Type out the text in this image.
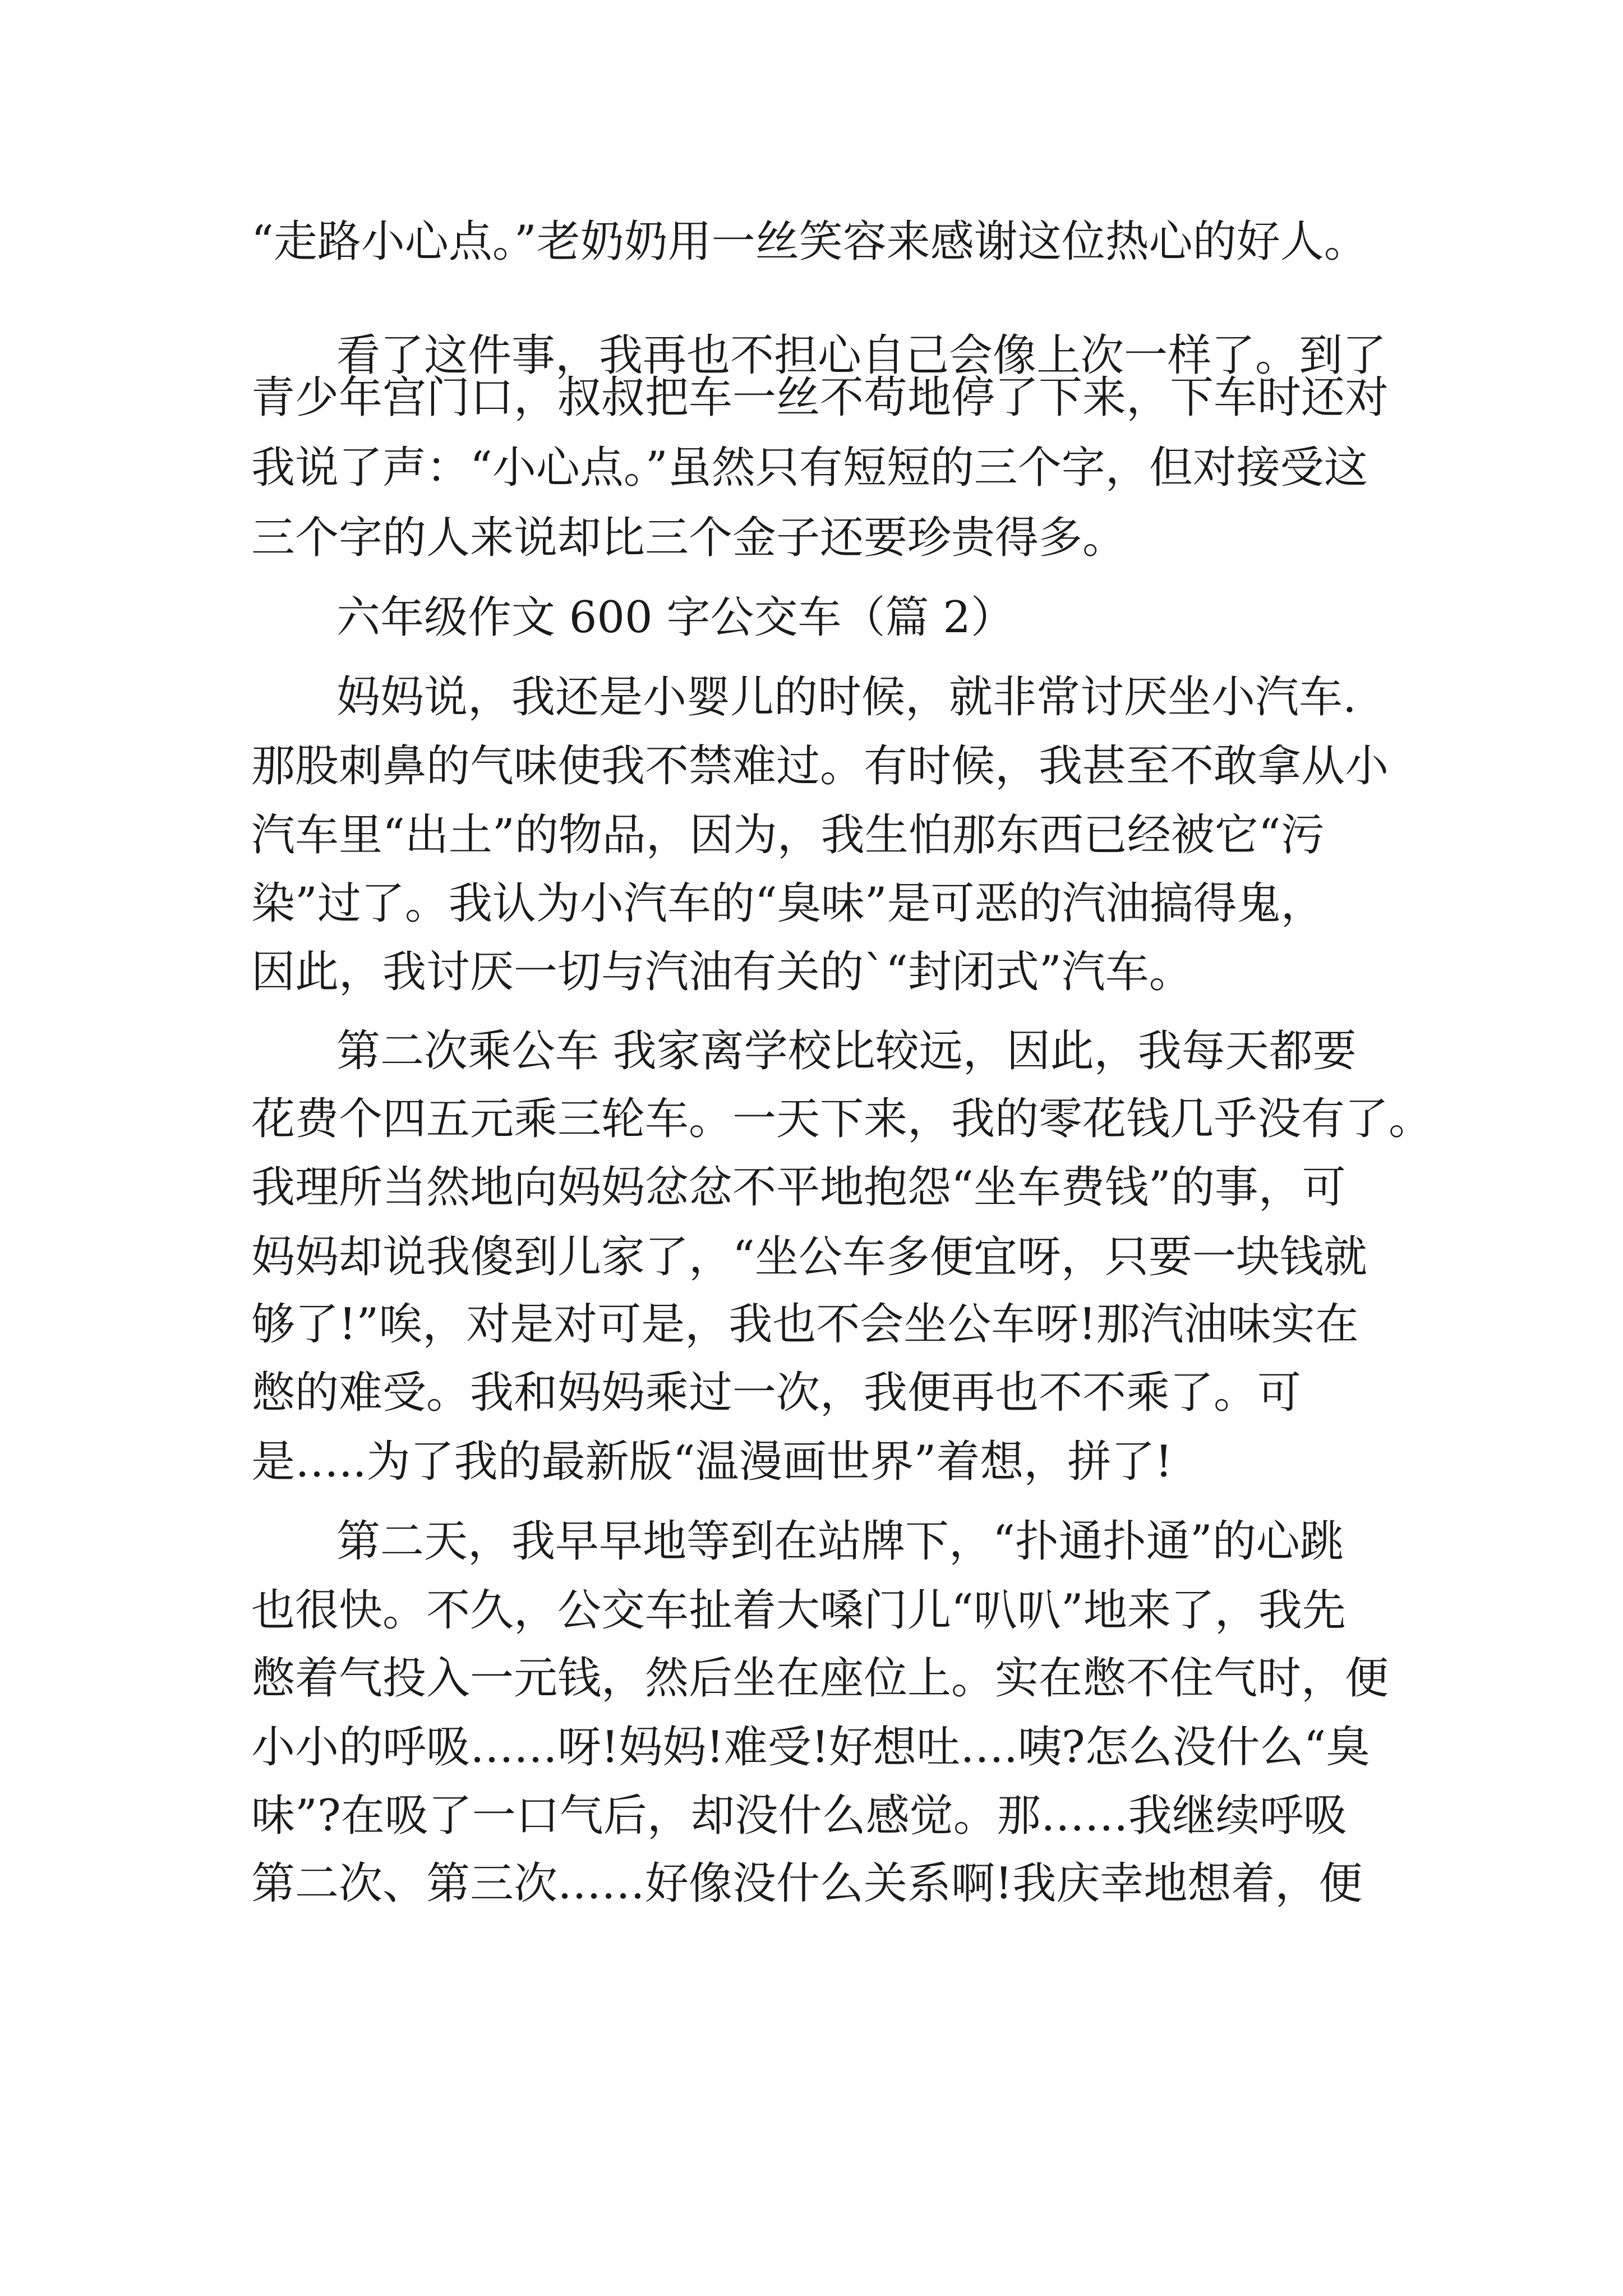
“走路小心点。”老奶奶用一丝笑容来感谢这位热心的好人。
看了这件事，我再也不担心自己会像上次一样了。到了
青少年宫门口，叔叔把车一丝不苟地停了下来，下车时还对
我说了声：“小心点。”虽然只有短短的三个字，但对接受这
三个字的人来说却比三个金子还要珍贵得多。
六年级作文 600 字公交车（篇 2）
妈妈说，我还是小婴儿的时候，就非常讨厌坐小汽车.
那股刺鼻的气味使我不禁难过。有时候，我甚至不敢拿从小
汽车里“出土”的物品，因为，我生怕那东西已经被它“污
染”过了。我认为小汽车的“臭味”是可恶的汽油搞得鬼，
因此，我讨厌一切与汽油有关的`“封闭式”汽车。
第二次乘公车 我家离学校比较远，因此，我每天都要
花费个四五元乘三轮车。一天下来，我的零花钱几乎没有了。
我理所当然地向妈妈忿忿不平地抱怨“坐车费钱”的事，可
妈妈却说我傻到儿家了，“坐公车多便宜呀，只要一块钱就
够了!”唉，对是对可是，我也不会坐公车呀!那汽油味实在
憋的难受。我和妈妈乘过一次，我便再也不不乘了。可
是…..为了我的最新版“温漫画世界”着想，拼了!
第二天，我早早地等到在站牌下，“扑通扑通”的心跳
也很快。不久，公交车扯着大嗓门儿“叭叭”地来了，我先
憋着气投入一元钱，然后坐在座位上。实在憋不住气时，便
小小的呼吸……呀!妈妈!难受!好想吐….咦?怎么没什么“臭
味”?在吸了一口气后，却没什么感觉。那……我继续呼吸
第二次、第三次……好像没什么关系啊!我庆幸地想着，便
